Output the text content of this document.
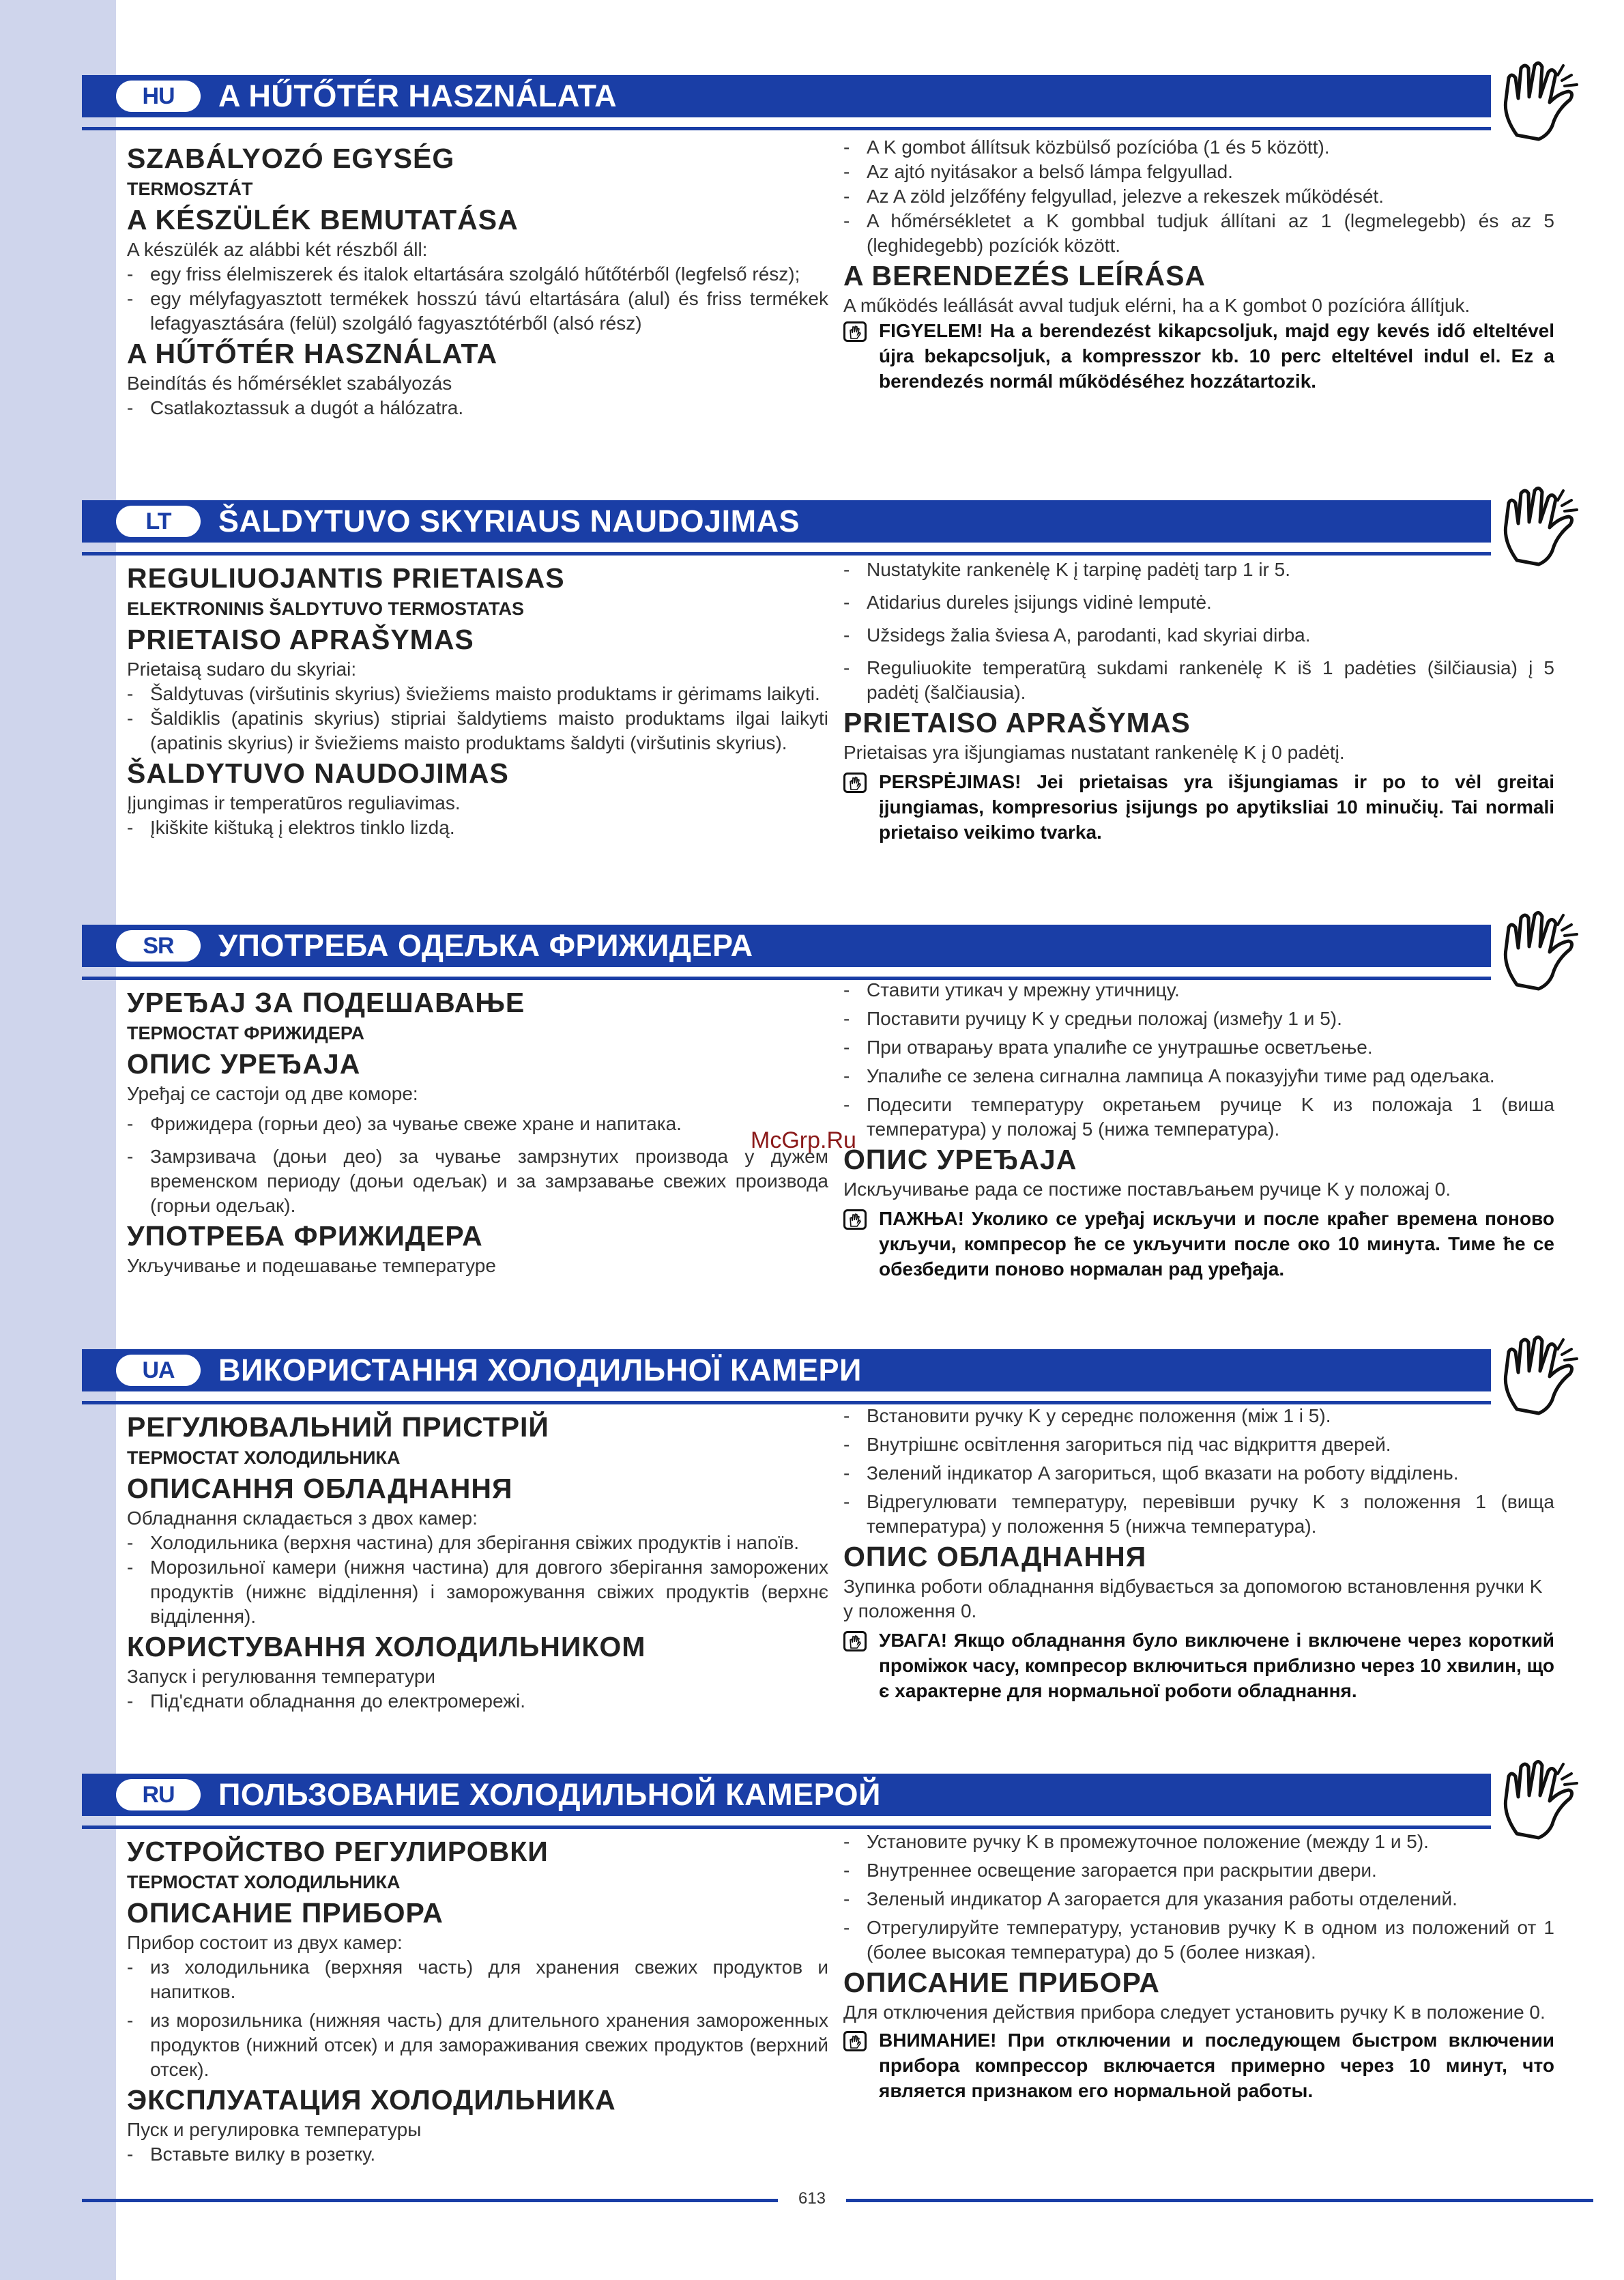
McGrp.Ru
HU	A HŰTŐTÉR HASZNÁLATA
SZABÁLYOZÓ EGYSÉG
TERMOSZTÁT
A KÉSZÜLÉK BEMUTATÁSA

A készülék az alábbi két részből áll:

- egy friss élelmiszerek és italok eltartására szolgáló hűtőtérből (legfelső rész);
- egy mélyfagyasztott termékek hosszú távú eltartására (alul) és friss termékek lefagyasztására (felül) szolgáló fagyasztótérből (alsó rész)
A HŰTŐTÉR HASZNÁLATA

Beindítás és hőmérséklet szabályozás

- Csatlakoztassuk a dugót a hálózatra.
- A K gombot állítsuk közbülső pozícióba (1 és 5 között).
- Az ajtó nyitásakor a belső lámpa felgyullad.
- Az A zöld jelzőfény felgyullad, jelezve a rekeszek működését.
- A hőmérsékletet a K gombbal tudjuk állítani az 1 (legmelegebb) és az 5 (leghidegebb) pozíciók között.
A BERENDEZÉS LEÍRÁSA

A működés leállását avval tudjuk elérni, ha a K gombot 0 pozícióra állítjuk.

FIGYELEM! Ha a berendezést kikapcsoljuk, majd egy kevés idő elteltével újra bekapcsoljuk, a kompresszor kb. 10 perc elteltével indul el. Ez a berendezés normál működéséhez hozzátartozik.
LT	ŠALDYTUVO SKYRIAUS NAUDOJIMAS
REGULIUOJANTIS PRIETAISAS
ELEKTRONINIS ŠALDYTUVO TERMOSTATAS
PRIETAISO APRAŠYMAS

Prietaisą sudaro du skyriai:

- Šaldytuvas (viršutinis skyrius) šviežiems maisto produktams ir gėrimams laikyti.
- Šaldiklis (apatinis skyrius) stipriai šaldytiems maisto produktams ilgai laikyti (apatinis skyrius) ir šviežiems maisto produktams šaldyti (viršutinis skyrius).
ŠALDYTUVO NAUDOJIMAS

Įjungimas ir temperatūros reguliavimas.

- Įkiškite kištuką į elektros tinklo lizdą.
- Nustatykite rankenėlę K į tarpinę padėtį tarp 1 ir 5.
- Atidarius dureles įsijungs vidinė lemputė.
- Užsidegs žalia šviesa A, parodanti, kad skyriai dirba.
- Reguliuokite temperatūrą sukdami rankenėlę K iš 1 padėties (šilčiausia) į 5 padėtį (šalčiausia).
PRIETAISO APRAŠYMAS

Prietaisas yra išjungiamas nustatant rankenėlę K į 0 padėtį.

PERSPĖJIMAS! Jei prietaisas yra išjungiamas ir po to vėl greitai įjungiamas, kompresorius įsijungs po apytiksliai 10 minučių. Tai normali prietaiso veikimo tvarka.
SR	УПОТРЕБА ОДЕЉКА ФРИЖИДЕРА
УРЕЂАЈ ЗА ПОДЕШАВАЊЕ
ТЕРМОСТАТ ФРИЖИДЕРА
ОПИС УРЕЂАЈА

Уређај се састоји од две коморе:

- Фрижидера (горњи део) за чување свеже хране и напитака.
- Замрзивача (доњи део) за чување замрзнутих производа у дужем временском периоду (доњи одељак) и за замрзавање свежих производа (горњи одељак).
УПОТРЕБА ФРИЖИДЕРА

Укључивање и подешавање температуре

- Ставити утикач у мрежну утичницу.
- Поставити ручицу K у средњи положај (између 1 и 5).
- При отварању врата упалиће се унутрашње осветљење.
- Упалиће се зелена сигнална лампица A показујући тиме рад одељака.
- Подесити температуру окретањем ручице K из положаја 1 (виша температура) у положај 5 (нижа температура).
ОПИС УРЕЂАЈА

Искључивање рада се постиже постављањем ручице K у положај 0.

ПАЖЊА! Уколико се уређај искључи и после краћег времена поново укључи, компресор ће се укључити после око 10 минута. Тиме ће се обезбедити поново нормалан рад уређаја.
UA	ВИКОРИСТАННЯ ХОЛОДИЛЬНОЇ КАМЕРИ
РЕГУЛЮВАЛЬНИЙ ПРИСТРІЙ
ТЕРМОСТАТ ХОЛОДИЛЬНИКА
ОПИСАННЯ ОБЛАДНАННЯ

Обладнання складається з двох камер:

- Холодильника (верхня частина) для зберігання свіжих продуктів і напоїв.
- Морозильної камери (нижня частина) для довгого зберігання заморожених продуктів (нижнє відділення) і заморожування свіжих продуктів (верхнє відділення).
КОРИСТУВАННЯ ХОЛОДИЛЬНИКОМ

Запуск і регулювання температури

- Під'єднати обладнання до електромережі.
- Встановити ручку K у середнє положення (між 1 і 5).
- Внутрішнє освітлення загориться під час відкриття дверей.
- Зелений індикатор A загориться, щоб вказати на роботу відділень.
- Відрегулювати температуру, перевівши ручку K з положення 1 (вища температура) у положення 5 (нижча температура).
ОПИС ОБЛАДНАННЯ

Зупинка роботи обладнання відбувається за допомогою встановлення ручки K у положення 0.

УВАГА! Якщо обладнання було виключене і включене через короткий проміжок часу, компресор включиться приблизно через 10 хвилин, що є характерне для нормальної роботи обладнання.
RU	ПОЛЬЗОВАНИЕ ХОЛОДИЛЬНОЙ КАМЕРОЙ
УСТРОЙСТВО РЕГУЛИРОВКИ
ТЕРМОСТАТ ХОЛОДИЛЬНИКА
ОПИСАНИЕ ПРИБОРА

Прибор состоит из двух камер:

- из холодильника (верхняя часть) для хранения свежих продуктов и напитков.
- из морозильника (нижняя часть) для длительного хранения замороженных продуктов (нижний отсек) и для замораживания свежих продуктов (верхний отсек).
ЭКСПЛУАТАЦИЯ ХОЛОДИЛЬНИКА

Пуск и регулировка температуры

- Вставьте вилку в розетку.
- Установите ручку K в промежуточное положение (между 1 и 5).
- Внутреннее освещение загорается при раскрытии двери.
- Зеленый индикатор A загорается для указания работы отделений.
- Отрегулируйте температуру, установив ручку K в одном из положений от 1 (более высокая температура) до 5 (более низкая).
ОПИСАНИЕ ПРИБОРА

Для отключения действия прибора следует установить ручку K в положение 0.

ВНИМАНИЕ! При отключении и последующем быстром включении прибора компрессор включается примерно через 10 минут, что является признаком его нормальной работы.
613
